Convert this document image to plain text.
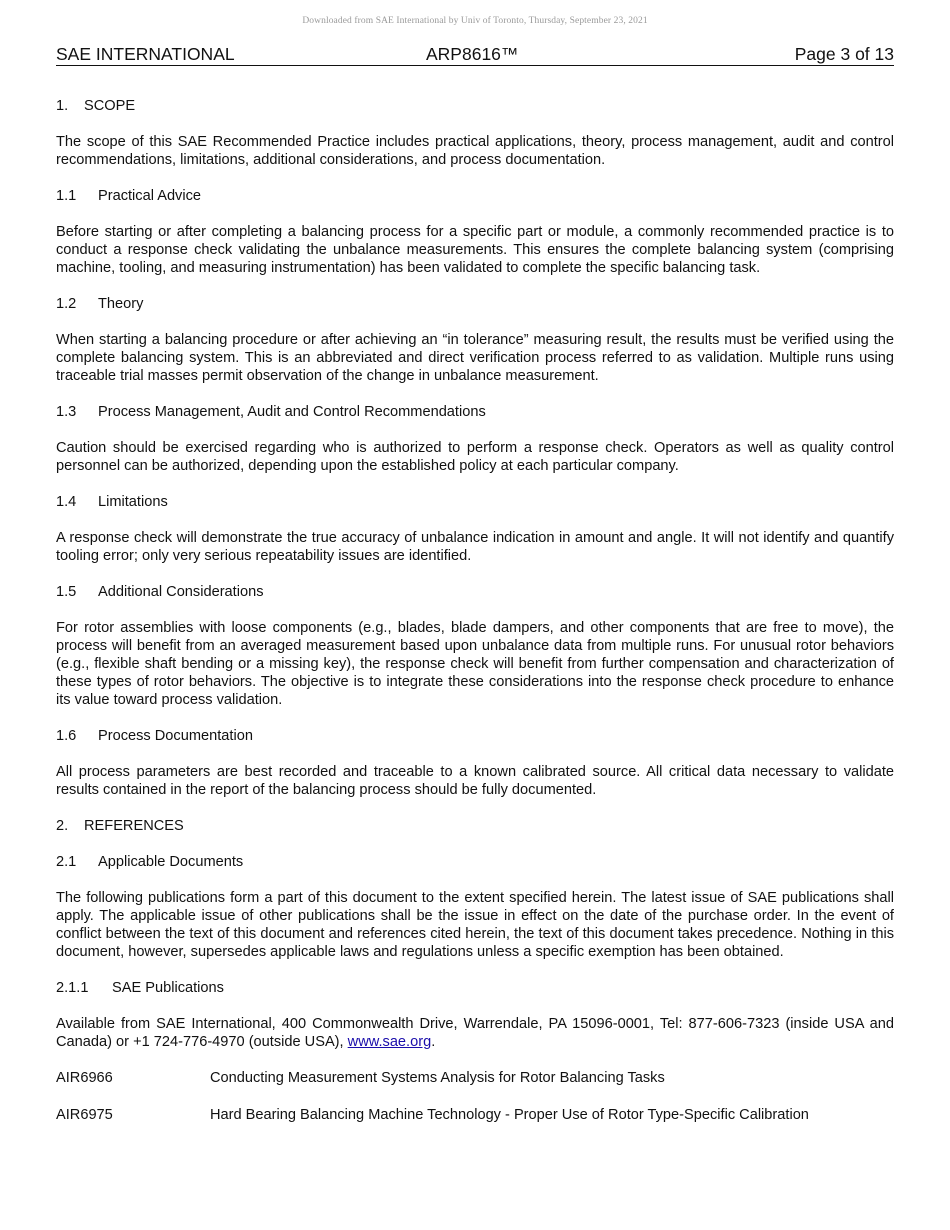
Downloaded from SAE International by Univ of Toronto, Thursday, September 23, 2021
SAE INTERNATIONAL	ARP8616™	Page 3 of 13
1. SCOPE
The scope of this SAE Recommended Practice includes practical applications, theory, process management, audit and control recommendations, limitations, additional considerations, and process documentation.
1.1 Practical Advice
Before starting or after completing a balancing process for a specific part or module, a commonly recommended practice is to conduct a response check validating the unbalance measurements. This ensures the complete balancing system (comprising machine, tooling, and measuring instrumentation) has been validated to complete the specific balancing task.
1.2 Theory
When starting a balancing procedure or after achieving an “in tolerance” measuring result, the results must be verified using the complete balancing system. This is an abbreviated and direct verification process referred to as validation. Multiple runs using traceable trial masses permit observation of the change in unbalance measurement.
1.3 Process Management, Audit and Control Recommendations
Caution should be exercised regarding who is authorized to perform a response check. Operators as well as quality control personnel can be authorized, depending upon the established policy at each particular company.
1.4 Limitations
A response check will demonstrate the true accuracy of unbalance indication in amount and angle. It will not identify and quantify tooling error; only very serious repeatability issues are identified.
1.5 Additional Considerations
For rotor assemblies with loose components (e.g., blades, blade dampers, and other components that are free to move), the process will benefit from an averaged measurement based upon unbalance data from multiple runs. For unusual rotor behaviors (e.g., flexible shaft bending or a missing key), the response check will benefit from further compensation and characterization of these types of rotor behaviors. The objective is to integrate these considerations into the response check procedure to enhance its value toward process validation.
1.6 Process Documentation
All process parameters are best recorded and traceable to a known calibrated source. All critical data necessary to validate results contained in the report of the balancing process should be fully documented.
2. REFERENCES
2.1 Applicable Documents
The following publications form a part of this document to the extent specified herein. The latest issue of SAE publications shall apply. The applicable issue of other publications shall be the issue in effect on the date of the purchase order. In the event of conflict between the text of this document and references cited herein, the text of this document takes precedence. Nothing in this document, however, supersedes applicable laws and regulations unless a specific exemption has been obtained.
2.1.1 SAE Publications
Available from SAE International, 400 Commonwealth Drive, Warrendale, PA 15096-0001, Tel: 877-606-7323 (inside USA and Canada) or +1 724-776-4970 (outside USA), www.sae.org.
AIR6966	Conducting Measurement Systems Analysis for Rotor Balancing Tasks
AIR6975	Hard Bearing Balancing Machine Technology - Proper Use of Rotor Type-Specific Calibration
